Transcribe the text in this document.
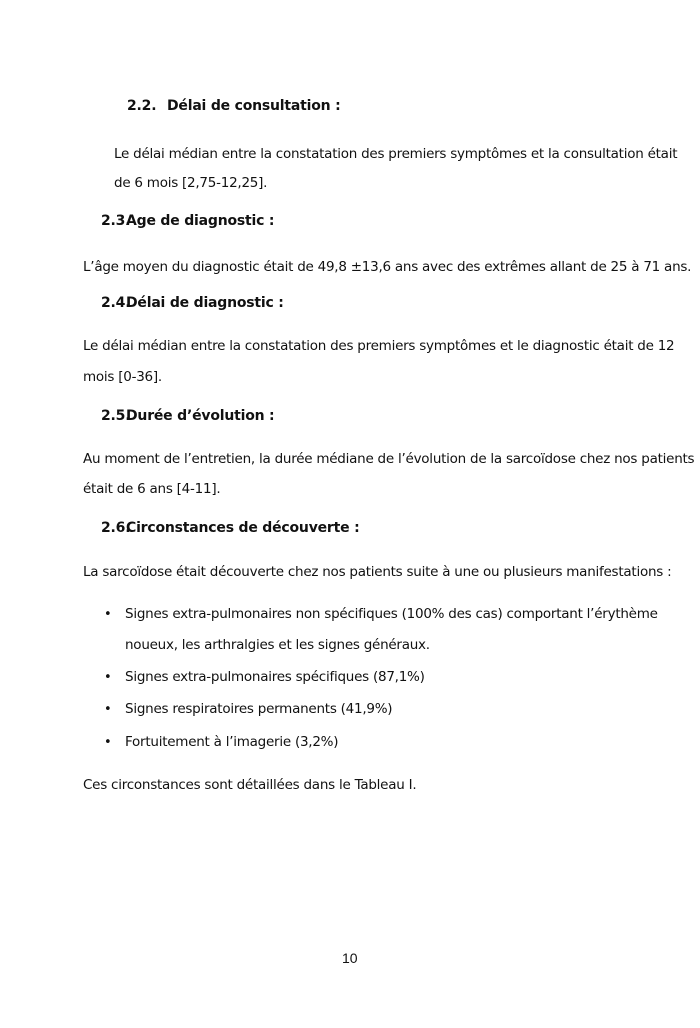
2.2. Délai de consultation :
Le délai médian entre la constatation des premiers symptômes et la consultation était
de 6 mois [2,75-12,25].
2.3.Age de diagnostic :
L’âge moyen du diagnostic était de 49,8 ±13,6 ans avec des extrêmes allant de 25 à 71 ans.
2.4.Délai de diagnostic :
Le délai médian entre la constatation des premiers symptômes et le diagnostic était de 12
mois [0-36].
2.5.Durée d’évolution :
Au moment de l’entretien, la durée médiane de l’évolution de la sarcoïdose chez nos patients
était de 6 ans [4-11].
2.6.Circonstances de découverte :
La sarcoïdose était découverte chez nos patients suite à une ou plusieurs manifestations :
• Signes extra-pulmonaires non spécifiques (100% des cas) comportant l’érythème
noueux, les arthralgies et les signes généraux.
• Signes extra-pulmonaires spécifiques (87,1%)
• Signes respiratoires permanents (41,9%)
• Fortuitement à l’imagerie (3,2%)
Ces circonstances sont détaillées dans le Tableau I.
10
